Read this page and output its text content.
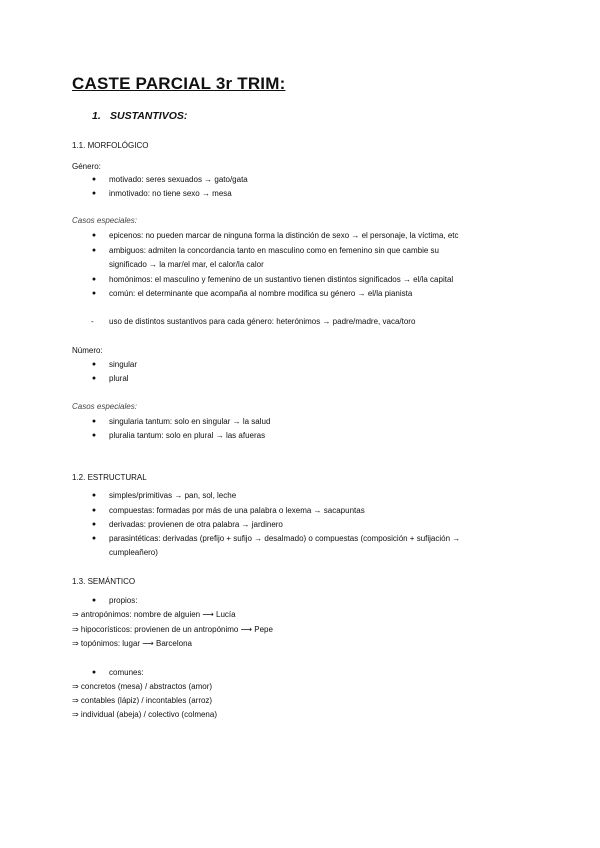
CASTE PARCIAL 3r TRIM:
1. SUSTANTIVOS:
1.1. MORFOLÓGICO
Género:
● motivado: seres sexuados → gato/gata
● inmotivado: no tiene sexo → mesa
Casos especiales:
● epicenos: no pueden marcar de ninguna forma la distinción de sexo → el personaje, la víctima, etc
● ambiguos: admiten la concordancia tanto en masculino como en femenino sin que cambie su
significado → la mar/el mar, el calor/la calor
● homónimos: el masculino y femenino de un sustantivo tienen distintos significados → el/la capital
● común: el determinante que acompaña al nombre modifica su género → el/la pianista
- uso de distintos sustantivos para cada género: heterónimos → padre/madre, vaca/toro
Número:
● singular
● plural
Casos especiales:
● singularia tantum: solo en singular → la salud
● pluralia tantum: solo en plural → las afueras
1.2. ESTRUCTURAL
● simples/primitivas → pan, sol, leche
● compuestas: formadas por más de una palabra o lexema → sacapuntas
● derivadas: provienen de otra palabra → jardinero
● parasintéticas: derivadas (prefijo + sufijo → desalmado) o compuestas (composición + sufijación →
cumpleañero)
1.3. SEMÁNTICO
● propios:
⇒ antropónimos: nombre de alguien ⟶ Lucía
⇒ hipocorísticos: provienen de un antropónimo ⟶ Pepe
⇒ topónimos: lugar ⟶ Barcelona
● comunes:
⇒ concretos (mesa) / abstractos (amor)
⇒ contables (lápiz) / incontables (arroz)
⇒ individual (abeja) / colectivo (colmena)
